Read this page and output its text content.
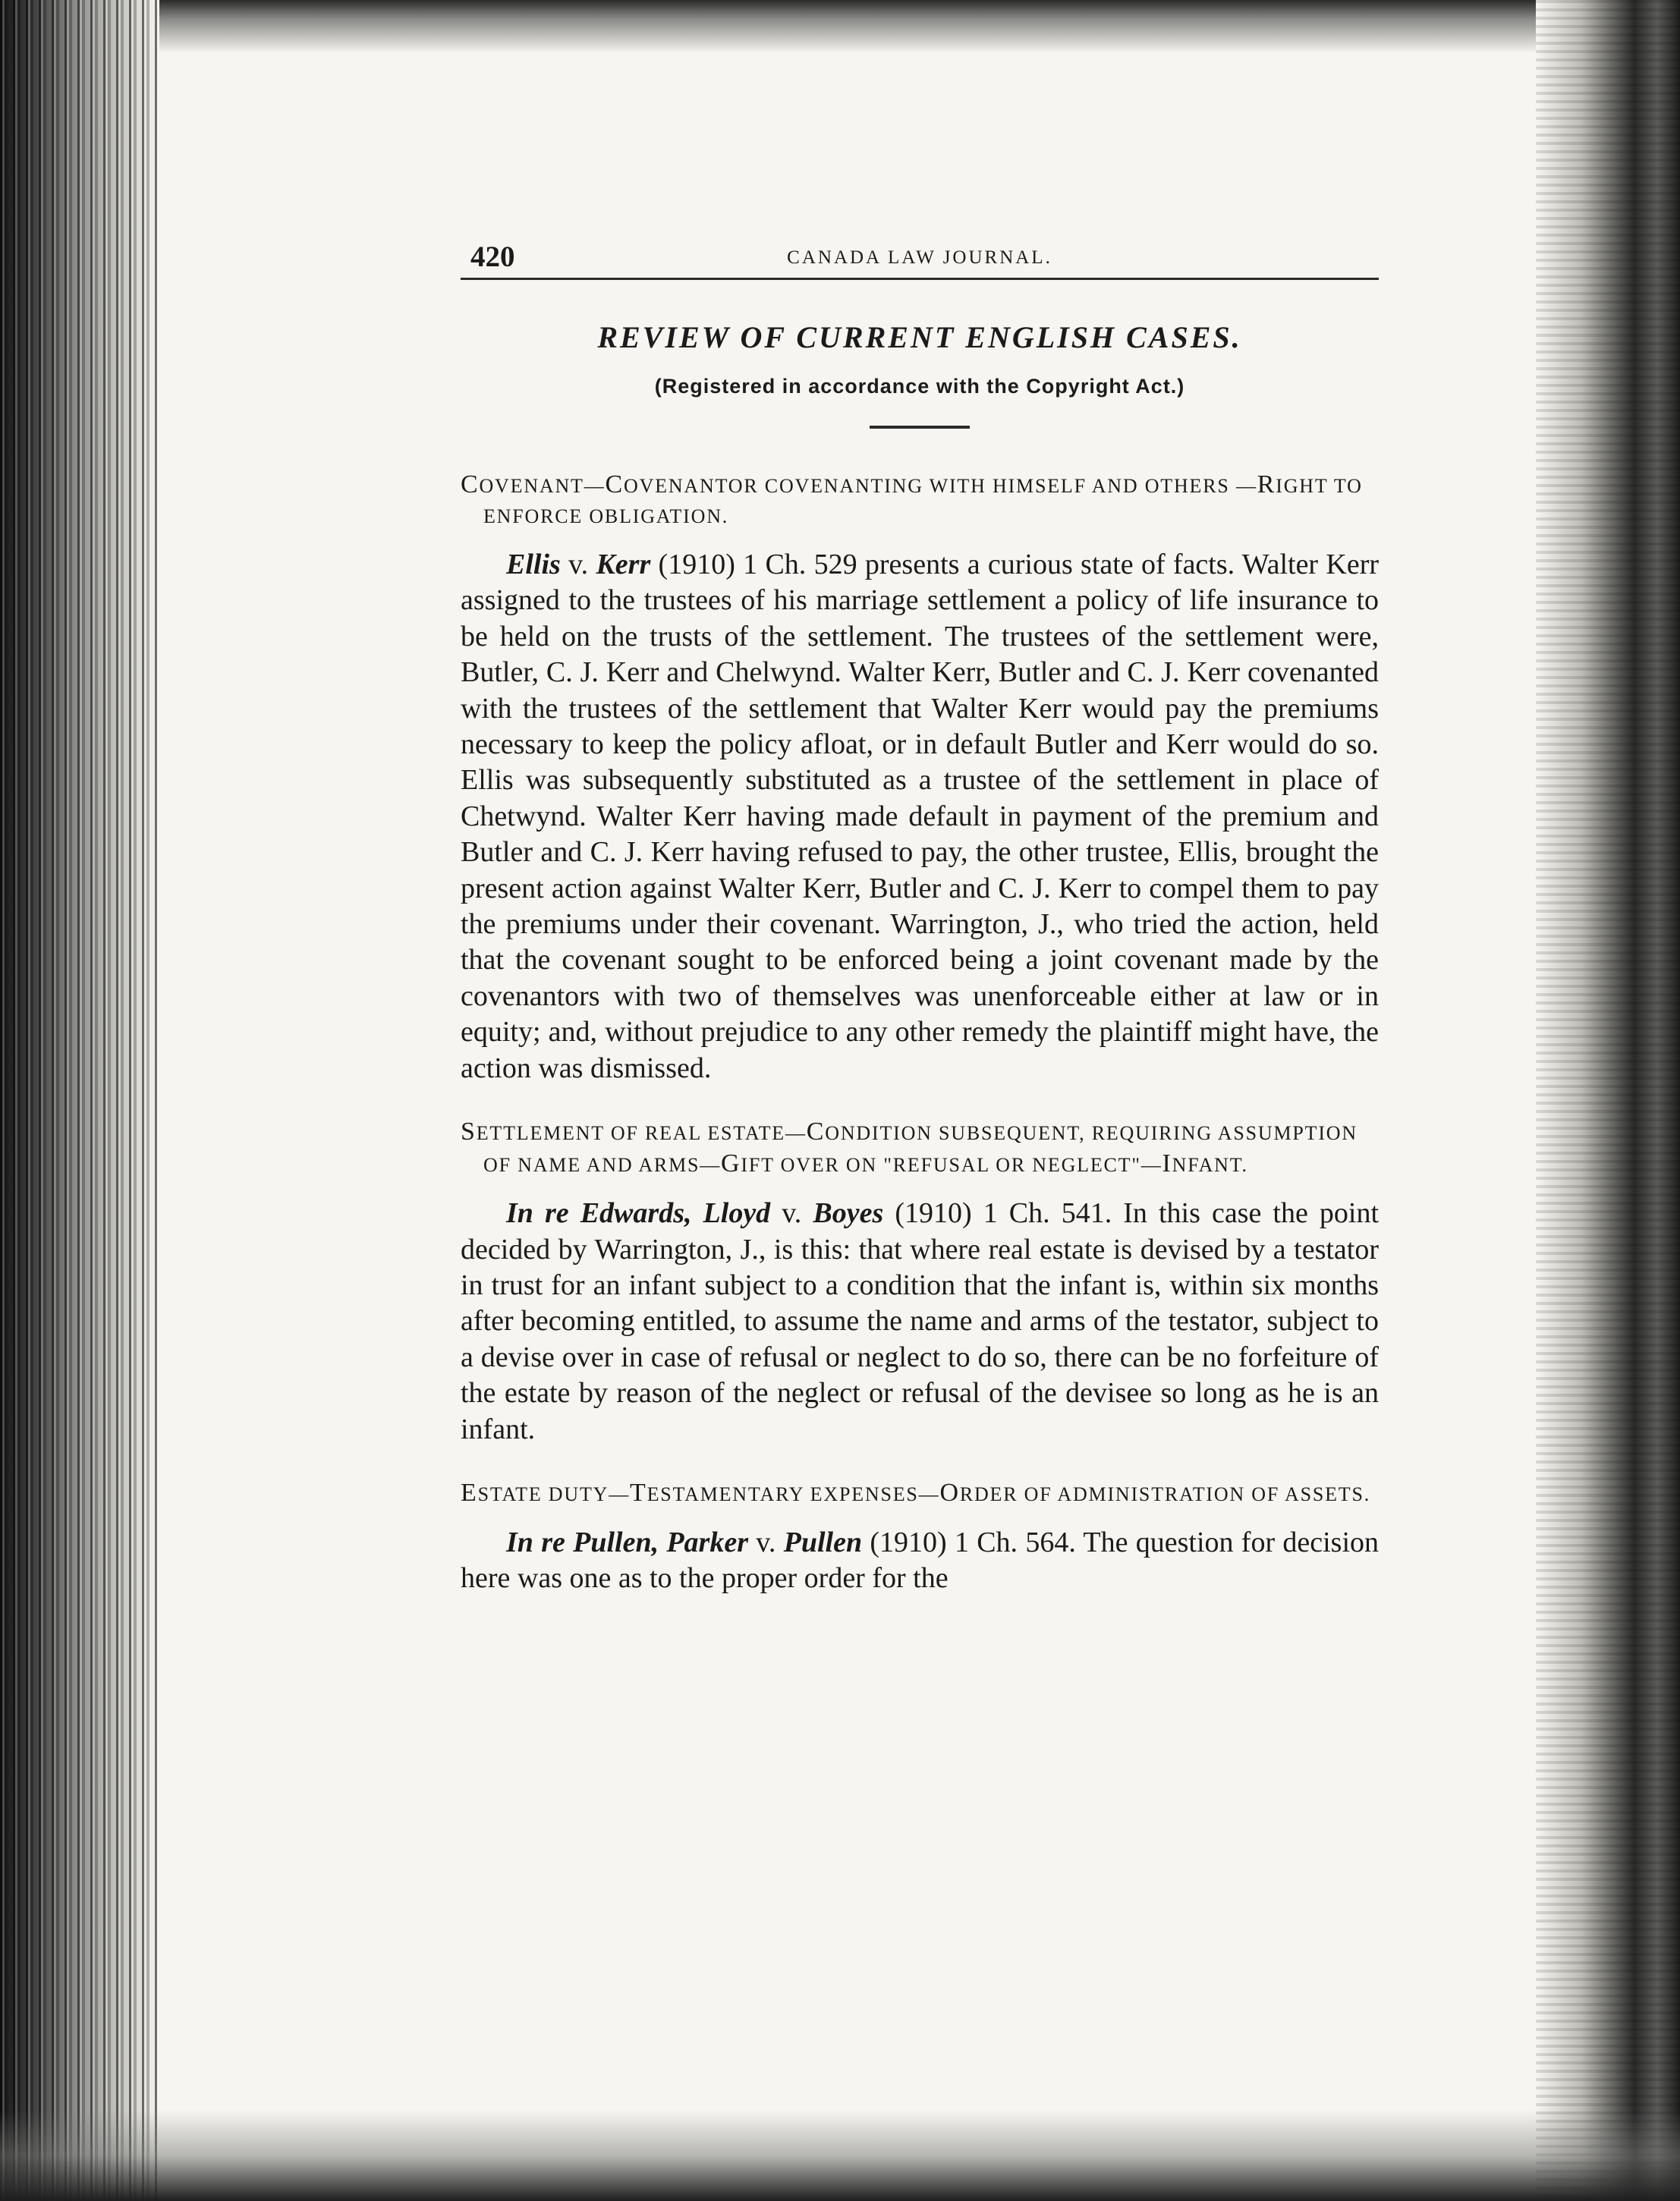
420	CANADA LAW JOURNAL.
REVIEW OF CURRENT ENGLISH CASES.
(Registered in accordance with the Copyright Act.)
COVENANT—COVENANTOR COVENANTING WITH HIMSELF AND OTHERS —RIGHT TO ENFORCE OBLIGATION.

Ellis v. Kerr (1910) 1 Ch. 529 presents a curious state of facts. Walter Kerr assigned to the trustees of his marriage settlement a policy of life insurance to be held on the trusts of the settlement. The trustees of the settlement were, Butler, C. J. Kerr and Chelwynd. Walter Kerr, Butler and C. J. Kerr covenanted with the trustees of the settlement that Walter Kerr would pay the premiums necessary to keep the policy afloat, or in default Butler and Kerr would do so. Ellis was subsequently substituted as a trustee of the settlement in place of Chetwynd. Walter Kerr having made default in payment of the premium and Butler and C. J. Kerr having refused to pay, the other trustee, Ellis, brought the present action against Walter Kerr, Butler and C. J. Kerr to compel them to pay the premiums under their covenant. Warrington, J., who tried the action, held that the covenant sought to be enforced being a joint covenant made by the covenantors with two of themselves was unenforceable either at law or in equity; and, without prejudice to any other remedy the plaintiff might have, the action was dismissed.

SETTLEMENT OF REAL ESTATE—CONDITION SUBSEQUENT, REQUIRING ASSUMPTION OF NAME AND ARMS—GIFT OVER ON "REFUSAL OR NEGLECT"—INFANT.

In re Edwards, Lloyd v. Boyes (1910) 1 Ch. 541. In this case the point decided by Warrington, J., is this: that where real estate is devised by a testator in trust for an infant subject to a condition that the infant is, within six months after becoming entitled, to assume the name and arms of the testator, subject to a devise over in case of refusal or neglect to do so, there can be no forfeiture of the estate by reason of the neglect or refusal of the devisee so long as he is an infant.

ESTATE DUTY—TESTAMENTARY EXPENSES—ORDER OF ADMINISTRATION OF ASSETS.

In re Pullen, Parker v. Pullen (1910) 1 Ch. 564. The question for decision here was one as to the proper order for the
